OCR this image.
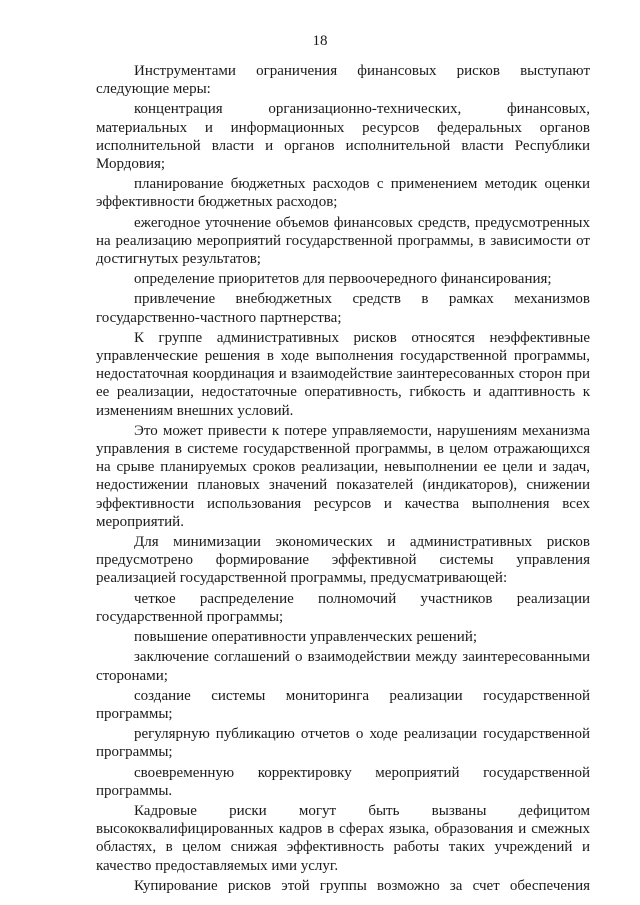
18

Инструментами ограничения финансовых рисков выступают следующие меры:

концентрация организационно-технических, финансовых, материальных и информационных ресурсов федеральных органов исполнительной власти и органов исполнительной власти Республики Мордовия;

планирование бюджетных расходов с применением методик оценки эффективности бюджетных расходов;

ежегодное уточнение объемов финансовых средств, предусмотренных на реализацию мероприятий государственной программы, в зависимости от достигнутых результатов;

определение приоритетов для первоочередного финансирования;

привлечение внебюджетных средств в рамках механизмов государственно-частного партнерства;

К группе административных рисков относятся неэффективные управленческие решения в ходе выполнения государственной программы, недостаточная координация и взаимодействие заинтересованных сторон при ее реализации, недостаточные оперативность, гибкость и адаптивность к изменениям внешних условий.

Это может привести к потере управляемости, нарушениям механизма управления в системе государственной программы, в целом отражающихся на срыве планируемых сроков реализации, невыполнении ее цели и задач, недостижении плановых значений показателей (индикаторов), снижении эффективности использования ресурсов и качества выполнения всех мероприятий.

Для минимизации экономических и административных рисков предусмотрено формирование эффективной системы управления реализацией государственной программы, предусматривающей:

четкое распределение полномочий участников реализации государственной программы;

повышение оперативности управленческих решений;

заключение соглашений о взаимодействии между заинтересованными сторонами;

создание системы мониторинга реализации государственной программы;

регулярную публикацию отчетов о ходе реализации государственной программы;

своевременную корректировку мероприятий государственной программы.

Кадровые риски могут быть вызваны дефицитом высококвалифицированных кадров в сферах языка, образования и смежных областях, в целом снижая эффективность работы таких учреждений и качество предоставляемых ими услуг.

Купирование рисков этой группы возможно за счет обеспечения
